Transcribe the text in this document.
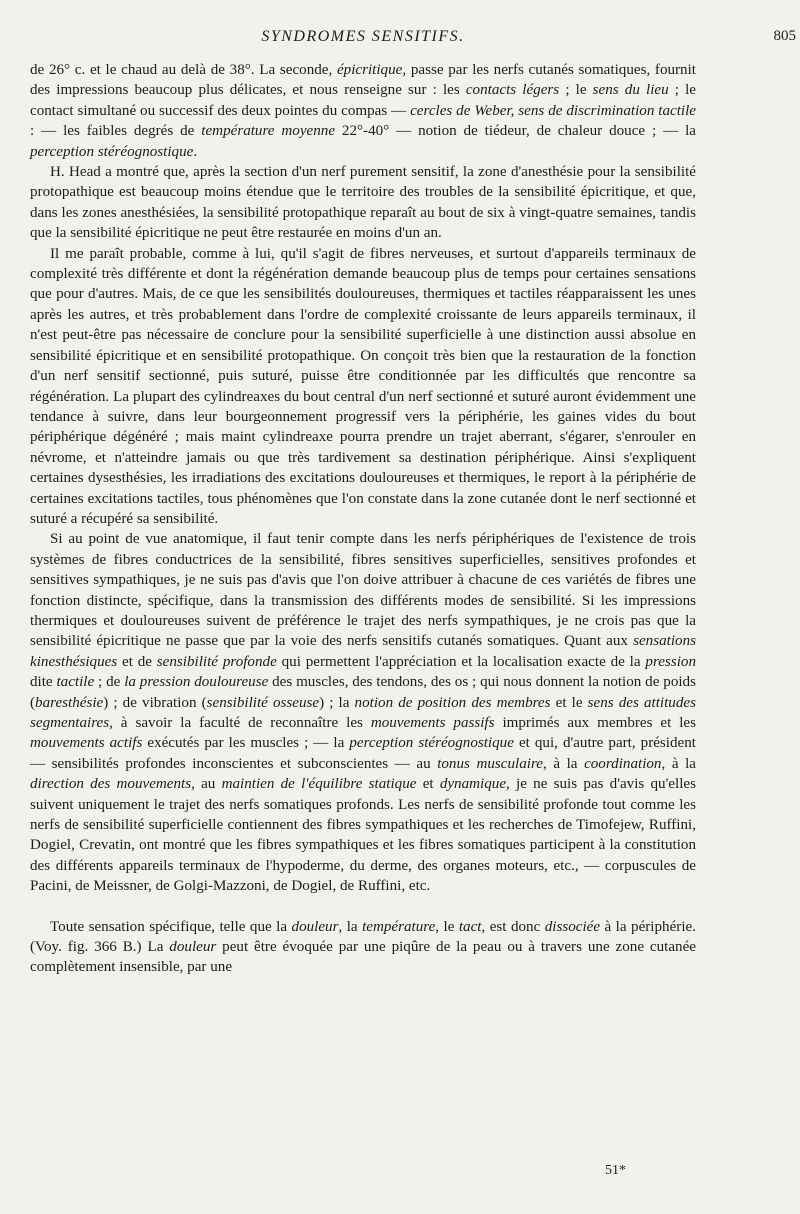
SYNDROMES SENSITIFS.	805

de 26° c. et le chaud au delà de 38°. La seconde, épicritique, passe par les nerfs cutanés somatiques, fournit des impressions beaucoup plus délicates, et nous renseigne sur : les contacts légers ; le sens du lieu ; le contact simultané ou successif des deux pointes du compas — cercles de Weber, sens de discrimination tactile : — les faibles degrés de température moyenne 22°-40° — notion de tiédeur, de chaleur douce ; — la perception stéréognostique.

H. Head a montré que, après la section d'un nerf purement sensitif, la zone d'anesthésie pour la sensibilité protopathique est beaucoup moins étendue que le territoire des troubles de la sensibilité épicritique, et que, dans les zones anesthésiées, la sensibilité protopathique reparaît au bout de six à vingt-quatre semaines, tandis que la sensibilité épicritique ne peut être restaurée en moins d'un an.

Il me paraît probable, comme à lui, qu'il s'agit de fibres nerveuses, et surtout d'appareils terminaux de complexité très différente et dont la régénération demande beaucoup plus de temps pour certaines sensations que pour d'autres. Mais, de ce que les sensibilités douloureuses, thermiques et tactiles réapparaissent les unes après les autres, et très probablement dans l'ordre de complexité croissante de leurs appareils terminaux, il n'est peut-être pas nécessaire de conclure pour la sensibilité superficielle à une distinction aussi absolue en sensibilité épicritique et en sensibilité protopathique. On conçoit très bien que la restauration de la fonction d'un nerf sensitif sectionné, puis suturé, puisse être conditionnée par les difficultés que rencontre sa régénération. La plupart des cylindreaxes du bout central d'un nerf sectionné et suturé auront évidemment une tendance à suivre, dans leur bourgeonnement progressif vers la périphérie, les gaines vides du bout périphérique dégénéré ; mais maint cylindreaxe pourra prendre un trajet aberrant, s'égarer, s'enrouler en névrome, et n'atteindre jamais ou que très tardivement sa destination périphérique. Ainsi s'expliquent certaines dysesthésies, les irradiations des excitations douloureuses et thermiques, le report à la périphérie de certaines excitations tactiles, tous phénomènes que l'on constate dans la zone cutanée dont le nerf sectionné et suturé a récupéré sa sensibilité.

Si au point de vue anatomique, il faut tenir compte dans les nerfs périphériques de l'existence de trois systèmes de fibres conductrices de la sensibilité, fibres sensitives superficielles, sensitives profondes et sensitives sympathiques, je ne suis pas d'avis que l'on doive attribuer à chacune de ces variétés de fibres une fonction distincte, spécifique, dans la transmission des différents modes de sensibilité. Si les impressions thermiques et douloureuses suivent de préférence le trajet des nerfs sympathiques, je ne crois pas que la sensibilité épicritique ne passe que par la voie des nerfs sensitifs cutanés somatiques. Quant aux sensations kinesthésiques et de sensibilité profonde qui permettent l'appréciation et la localisation exacte de la pression dite tactile ; de la pression douloureuse des muscles, des tendons, des os ; qui nous donnent la notion de poids (baresthésie) ; de vibration (sensibilité osseuse) ; la notion de position des membres et le sens des attitudes segmentaires, à savoir la faculté de reconnaître les mouvements passifs imprimés aux membres et les mouvements actifs exécutés par les muscles ; — la perception stéréognostique et qui, d'autre part, président — sensibilités profondes inconscientes et subconscientes — au tonus musculaire, à la coordination, à la direction des mouvements, au maintien de l'équilibre statique et dynamique, je ne suis pas d'avis qu'elles suivent uniquement le trajet des nerfs somatiques profonds. Les nerfs de sensibilité profonde tout comme les nerfs de sensibilité superficielle contiennent des fibres sympathiques et les recherches de Timofejew, Ruffini, Dogiel, Crevatin, ont montré que les fibres sympathiques et les fibres somatiques participent à la constitution des différents appareils terminaux de l'hypoderme, du derme, des organes moteurs, etc., — corpuscules de Pacini, de Meissner, de Golgi-Mazzoni, de Dogiel, de Ruffini, etc.

Toute sensation spécifique, telle que la douleur, la température, le tact, est donc dissociée à la périphérie. (Voy. fig. 366 B.) La douleur peut être évoquée par une piqûre de la peau ou à travers une zone cutanée complètement insensible, par une

51*
